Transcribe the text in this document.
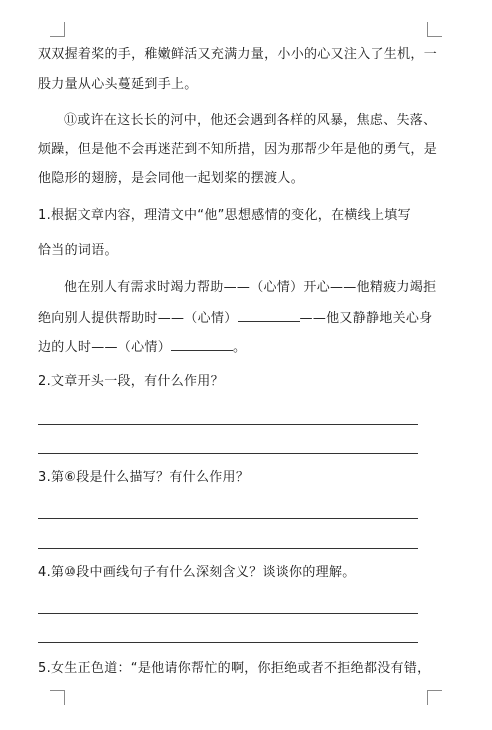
双双握着桨的手，稚嫩鲜活又充满力量，小小的心又注入了生机，一
股力量从心头蔓延到手上。
⑪或许在这长长的河中，他还会遇到各样的风暴，焦虑、失落、
烦躁，但是他不会再迷茫到不知所措，因为那帮少年是他的勇气，是
他隐形的翅膀，是会同他一起划桨的摆渡人。
1.根据文章内容，理清文中“他”思想感情的变化，在横线上填写
恰当的词语。
他在别人有需求时竭力帮助——（心情）开心——他精疲力竭拒
绝向别人提供帮助时——（心情）	——他又静静地关心身
边的人时——（心情）	。
2.文章开头一段，有什么作用？
3.第⑥段是什么描写？有什么作用？
4.第⑩段中画线句子有什么深刻含义？谈谈你的理解。
5.女生正色道：“是他请你帮忙的啊，你拒绝或者不拒绝都没有错，
